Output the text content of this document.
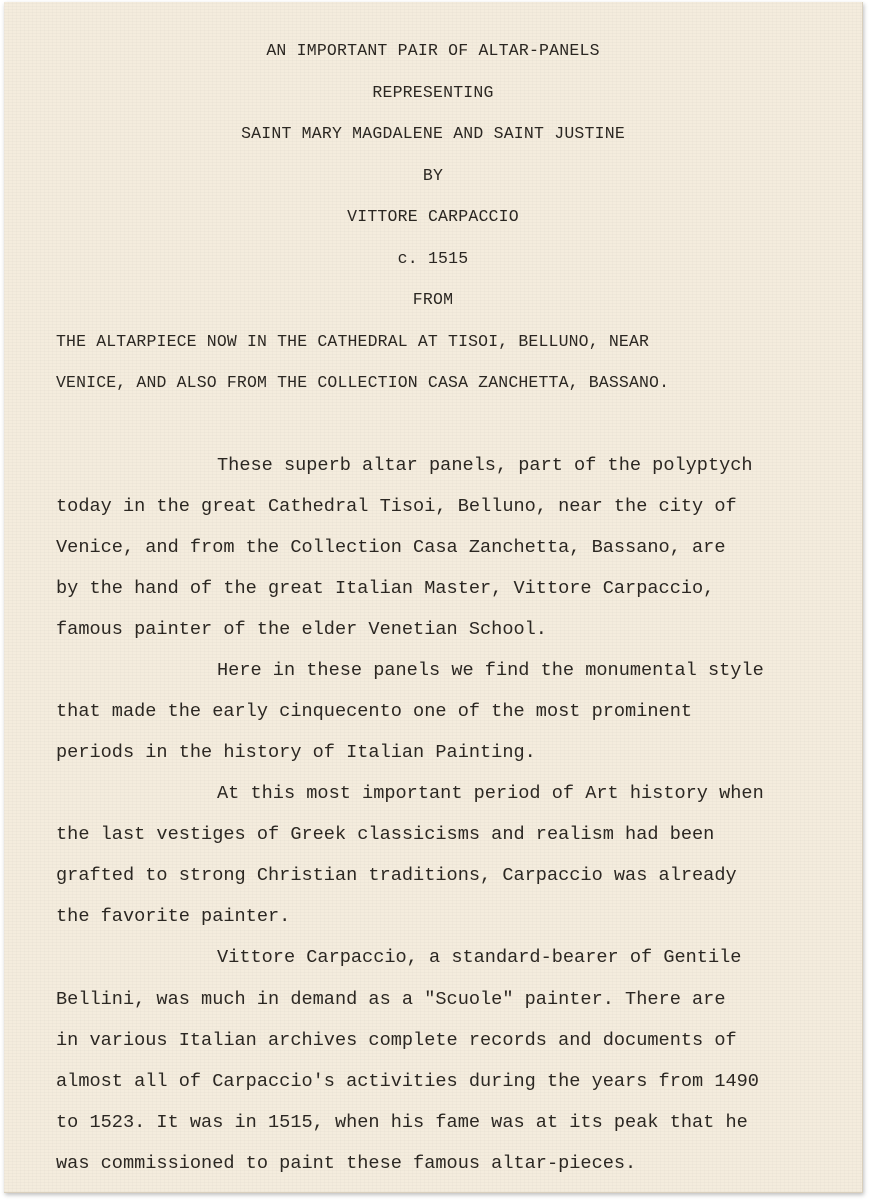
AN IMPORTANT PAIR OF ALTAR-PANELS

REPRESENTING

SAINT MARY MAGDALENE AND SAINT JUSTINE

BY

VITTORE CARPACCIO

c. 1515

FROM

THE ALTARPIECE NOW IN THE CATHEDRAL AT TISOI, BELLUNO, NEAR

VENICE, AND ALSO FROM THE COLLECTION CASA ZANCHETTA, BASSANO.

These superb altar panels, part of the polyptych

today in the great Cathedral Tisoi, Belluno, near the city of

Venice, and from the Collection Casa Zanchetta, Bassano, are

by the hand of the great Italian Master, Vittore Carpaccio,

famous painter of the elder Venetian School.

Here in these panels we find the monumental style

that made the early cinquecento one of the most prominent

periods in the history of Italian Painting.

At this most important period of Art history when

the last vestiges of Greek classicisms and realism had been

grafted to strong Christian traditions, Carpaccio was already

the favorite painter.

Vittore Carpaccio, a standard-bearer of Gentile

Bellini, was much in demand as a "Scuole" painter. There are

in various Italian archives complete records and documents of

almost all of Carpaccio's activities during the years from 1490

to 1523. It was in 1515, when his fame was at its peak that he

was commissioned to paint these famous altar-pieces.
